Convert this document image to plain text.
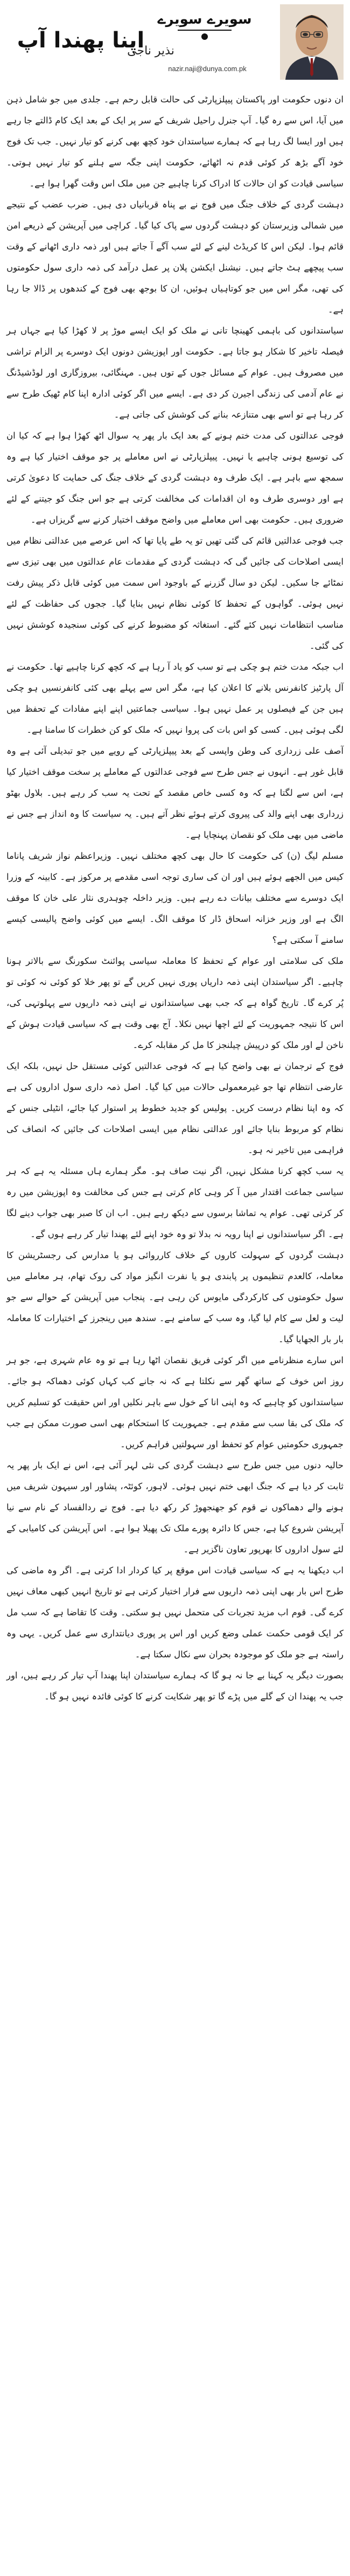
سویرے سویرے
نذیر ناجی
nazir.naji@dunya.com.pk
اپنا پھندا آپ

ان دنوں حکومت اور پاکستان پیپلزپارٹی کی حالت قابل رحم ہے۔ جلدی میں جو شامل ذہن میں آیا، اس سے رہ گیا۔ آپ جنرل راحیل شریف کے سر پر ایک کے بعد ایک کام ڈالتے جا رہے ہیں اور ایسا لگ رہا ہے کہ ہمارے سیاستدان خود کچھ بھی کرنے کو تیار نہیں۔ جب تک فوج خود آگے بڑھ کر کوئی قدم نہ اٹھائے، حکومت اپنی جگہ سے ہلنے کو تیار نہیں ہوتی۔ سیاسی قیادت کو ان حالات کا ادراک کرنا چاہیے جن میں ملک اس وقت گھرا ہوا ہے۔

دہشت گردی کے خلاف جنگ میں فوج نے بے پناہ قربانیاں دی ہیں۔ ضرب عضب کے نتیجے میں شمالی وزیرستان کو دہشت گردوں سے پاک کیا گیا۔ کراچی میں آپریشن کے ذریعے امن قائم ہوا۔ لیکن اس کا کریڈٹ لینے کے لئے سب آگے آ جاتے ہیں اور ذمہ داری اٹھانے کے وقت سب پیچھے ہٹ جاتے ہیں۔ نیشنل ایکشن پلان پر عمل درآمد کی ذمہ داری سول حکومتوں کی تھی، مگر اس میں جو کوتاہیاں ہوئیں، ان کا بوجھ بھی فوج کے کندھوں پر ڈالا جا رہا ہے۔

سیاستدانوں کی باہمی کھینچا تانی نے ملک کو ایک ایسے موڑ پر لا کھڑا کیا ہے جہاں ہر فیصلہ تاخیر کا شکار ہو جاتا ہے۔ حکومت اور اپوزیشن دونوں ایک دوسرے پر الزام تراشی میں مصروف ہیں۔ عوام کے مسائل جوں کے توں ہیں۔ مہنگائی، بیروزگاری اور لوڈشیڈنگ نے عام آدمی کی زندگی اجیرن کر دی ہے۔ ایسے میں اگر کوئی ادارہ اپنا کام ٹھیک طرح سے کر رہا ہے تو اسے بھی متنازعہ بنانے کی کوشش کی جاتی ہے۔

فوجی عدالتوں کی مدت ختم ہونے کے بعد ایک بار پھر یہ سوال اٹھ کھڑا ہوا ہے کہ کیا ان کی توسیع ہونی چاہیے یا نہیں۔ پیپلزپارٹی نے اس معاملے پر جو موقف اختیار کیا ہے وہ سمجھ سے باہر ہے۔ ایک طرف وہ دہشت گردی کے خلاف جنگ کی حمایت کا دعویٰ کرتی ہے اور دوسری طرف وہ ان اقدامات کی مخالفت کرتی ہے جو اس جنگ کو جیتنے کے لئے ضروری ہیں۔ حکومت بھی اس معاملے میں واضح موقف اختیار کرنے سے گریزاں ہے۔

جب فوجی عدالتیں قائم کی گئی تھیں تو یہ طے پایا تھا کہ اس عرصے میں عدالتی نظام میں ایسی اصلاحات کی جائیں گی کہ دہشت گردی کے مقدمات عام عدالتوں میں بھی تیزی سے نمٹائے جا سکیں۔ لیکن دو سال گزرنے کے باوجود اس سمت میں کوئی قابل ذکر پیش رفت نہیں ہوئی۔ گواہوں کے تحفظ کا کوئی نظام نہیں بنایا گیا۔ ججوں کی حفاظت کے لئے مناسب انتظامات نہیں کئے گئے۔ استغاثہ کو مضبوط کرنے کی کوئی سنجیدہ کوشش نہیں کی گئی۔

اب جبکہ مدت ختم ہو چکی ہے تو سب کو یاد آ رہا ہے کہ کچھ کرنا چاہیے تھا۔ حکومت نے آل پارٹیز کانفرنس بلانے کا اعلان کیا ہے، مگر اس سے پہلے بھی کئی کانفرنسیں ہو چکی ہیں جن کے فیصلوں پر عمل نہیں ہوا۔ سیاسی جماعتیں اپنے اپنے مفادات کے تحفظ میں لگی ہوئی ہیں۔ کسی کو اس بات کی پروا نہیں کہ ملک کو کن خطرات کا سامنا ہے۔

آصف علی زرداری کی وطن واپسی کے بعد پیپلزپارٹی کے رویے میں جو تبدیلی آئی ہے وہ قابل غور ہے۔ انہوں نے جس طرح سے فوجی عدالتوں کے معاملے پر سخت موقف اختیار کیا ہے، اس سے لگتا ہے کہ وہ کسی خاص مقصد کے تحت یہ سب کر رہے ہیں۔ بلاول بھٹو زرداری بھی اپنے والد کی پیروی کرتے ہوئے نظر آتے ہیں۔ یہ سیاست کا وہ انداز ہے جس نے ماضی میں بھی ملک کو نقصان پہنچایا ہے۔

مسلم لیگ (ن) کی حکومت کا حال بھی کچھ مختلف نہیں۔ وزیراعظم نواز شریف پاناما کیس میں الجھے ہوئے ہیں اور ان کی ساری توجہ اسی مقدمے پر مرکوز ہے۔ کابینہ کے وزرا ایک دوسرے سے مختلف بیانات دے رہے ہیں۔ وزیر داخلہ چوہدری نثار علی خان کا موقف الگ ہے اور وزیر خزانہ اسحاق ڈار کا موقف الگ۔ ایسے میں کوئی واضح پالیسی کیسے سامنے آ سکتی ہے؟

ملک کی سلامتی اور عوام کے تحفظ کا معاملہ سیاسی پوائنٹ سکورنگ سے بالاتر ہونا چاہیے۔ اگر سیاستدان اپنی ذمہ داریاں پوری نہیں کریں گے تو پھر خلا کو کوئی نہ کوئی تو پُر کرے گا۔ تاریخ گواہ ہے کہ جب بھی سیاستدانوں نے اپنی ذمہ داریوں سے پہلوتہی کی، اس کا نتیجہ جمہوریت کے لئے اچھا نہیں نکلا۔ آج بھی وقت ہے کہ سیاسی قیادت ہوش کے ناخن لے اور ملک کو درپیش چیلنجز کا مل کر مقابلہ کرے۔

فوج کے ترجمان نے بھی واضح کیا ہے کہ فوجی عدالتیں کوئی مستقل حل نہیں، بلکہ ایک عارضی انتظام تھا جو غیرمعمولی حالات میں کیا گیا۔ اصل ذمہ داری سول اداروں کی ہے کہ وہ اپنا نظام درست کریں۔ پولیس کو جدید خطوط پر استوار کیا جائے، انٹیلی جنس کے نظام کو مربوط بنایا جائے اور عدالتی نظام میں ایسی اصلاحات کی جائیں کہ انصاف کی فراہمی میں تاخیر نہ ہو۔

یہ سب کچھ کرنا مشکل نہیں، اگر نیت صاف ہو۔ مگر ہمارے ہاں مسئلہ یہ ہے کہ ہر سیاسی جماعت اقتدار میں آ کر وہی کام کرتی ہے جس کی مخالفت وہ اپوزیشن میں رہ کر کرتی تھی۔ عوام یہ تماشا برسوں سے دیکھ رہے ہیں۔ اب ان کا صبر بھی جواب دینے لگا ہے۔ اگر سیاستدانوں نے اپنا رویہ نہ بدلا تو وہ خود اپنے لئے پھندا تیار کر رہے ہوں گے۔

دہشت گردوں کے سہولت کاروں کے خلاف کارروائی ہو یا مدارس کی رجسٹریشن کا معاملہ، کالعدم تنظیموں پر پابندی ہو یا نفرت انگیز مواد کی روک تھام، ہر معاملے میں سول حکومتوں کی کارکردگی مایوس کن رہی ہے۔ پنجاب میں آپریشن کے حوالے سے جو لیت و لعل سے کام لیا گیا، وہ سب کے سامنے ہے۔ سندھ میں رینجرز کے اختیارات کا معاملہ بار بار الجھایا گیا۔

اس سارے منظرنامے میں اگر کوئی فریق نقصان اٹھا رہا ہے تو وہ عام شہری ہے، جو ہر روز اس خوف کے ساتھ گھر سے نکلتا ہے کہ نہ جانے کب کہاں کوئی دھماکہ ہو جائے۔ سیاستدانوں کو چاہیے کہ وہ اپنی انا کے خول سے باہر نکلیں اور اس حقیقت کو تسلیم کریں کہ ملک کی بقا سب سے مقدم ہے۔ جمہوریت کا استحکام بھی اسی صورت ممکن ہے جب جمہوری حکومتیں عوام کو تحفظ اور سہولتیں فراہم کریں۔

حالیہ دنوں میں جس طرح سے دہشت گردی کی نئی لہر آئی ہے، اس نے ایک بار پھر یہ ثابت کر دیا ہے کہ جنگ ابھی ختم نہیں ہوئی۔ لاہور، کوئٹہ، پشاور اور سیہون شریف میں ہونے والے دھماکوں نے قوم کو جھنجھوڑ کر رکھ دیا ہے۔ فوج نے ردالفساد کے نام سے نیا آپریشن شروع کیا ہے، جس کا دائرہ پورے ملک تک پھیلا ہوا ہے۔ اس آپریشن کی کامیابی کے لئے سول اداروں کا بھرپور تعاون ناگزیر ہے۔

اب دیکھنا یہ ہے کہ سیاسی قیادت اس موقع پر کیا کردار ادا کرتی ہے۔ اگر وہ ماضی کی طرح اس بار بھی اپنی ذمہ داریوں سے فرار اختیار کرتی ہے تو تاریخ انہیں کبھی معاف نہیں کرے گی۔ قوم اب مزید تجربات کی متحمل نہیں ہو سکتی۔ وقت کا تقاضا ہے کہ سب مل کر ایک قومی حکمت عملی وضع کریں اور اس پر پوری دیانتداری سے عمل کریں۔ یہی وہ راستہ ہے جو ملک کو موجودہ بحران سے نکال سکتا ہے۔

بصورت دیگر یہ کہنا بے جا نہ ہو گا کہ ہمارے سیاستدان اپنا پھندا آپ تیار کر رہے ہیں، اور جب یہ پھندا ان کے گلے میں پڑے گا تو پھر شکایت کرنے کا کوئی فائدہ نہیں ہو گا۔
